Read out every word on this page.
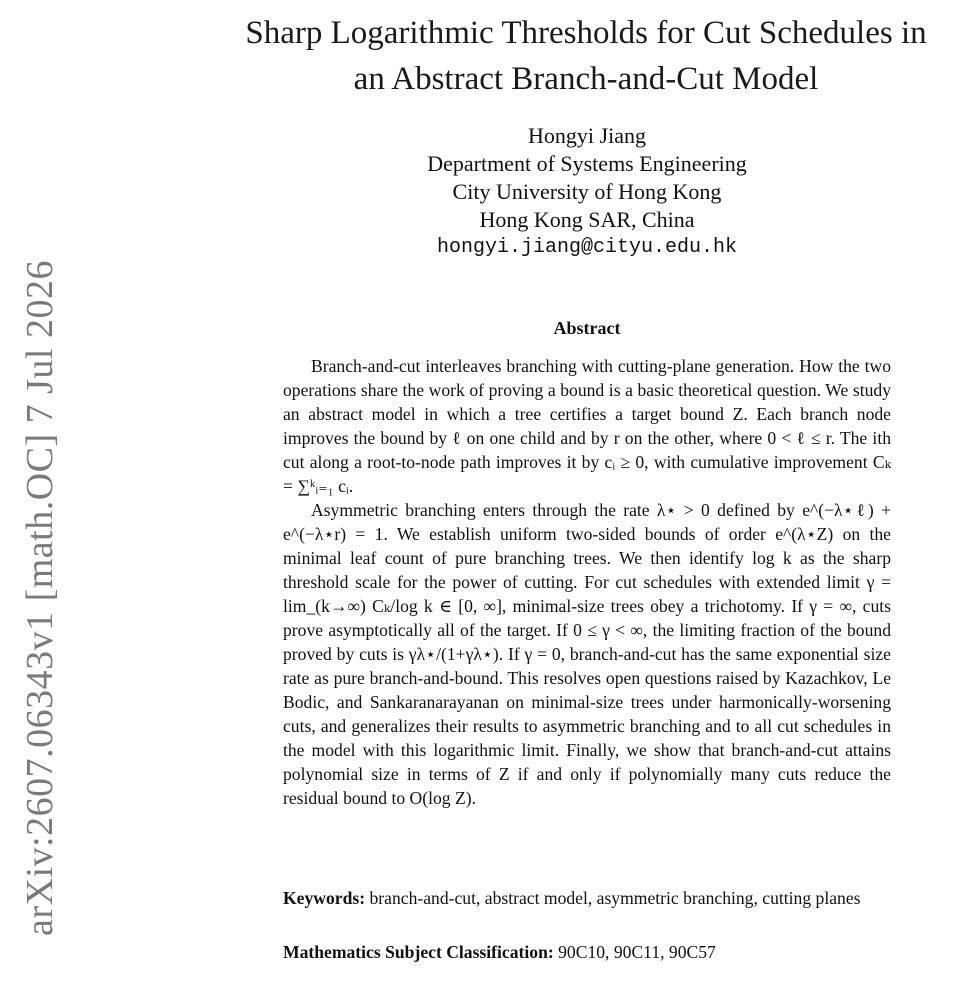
arXiv:2607.06343v1 [math.OC] 7 Jul 2026
Sharp Logarithmic Thresholds for Cut Schedules in
an Abstract Branch-and-Cut Model
Hongyi Jiang
Department of Systems Engineering
City University of Hong Kong
Hong Kong SAR, China
hongyi.jiang@cityu.edu.hk
Abstract

Branch-and-cut interleaves branching with cutting-plane generation. How the two operations share the work of proving a bound is a basic theoretical question. We study an abstract model in which a tree certifies a target bound Z. Each branch node improves the bound by ℓ on one child and by r on the other, where 0 < ℓ ≤ r. The ith cut along a root-to-node path improves it by cᵢ ≥ 0, with cumulative improvement Cₖ = ∑ᵏᵢ₌₁ cᵢ.

Asymmetric branching enters through the rate λ⋆ > 0 defined by e^(−λ⋆ℓ) + e^(−λ⋆r) = 1. We establish uniform two-sided bounds of order e^(λ⋆Z) on the minimal leaf count of pure branching trees. We then identify log k as the sharp threshold scale for the power of cutting. For cut schedules with extended limit γ = lim_(k→∞) Cₖ/log k ∈ [0, ∞], minimal-size trees obey a trichotomy. If γ = ∞, cuts prove asymptotically all of the target. If 0 ≤ γ < ∞, the limiting fraction of the bound proved by cuts is γλ⋆/(1+γλ⋆). If γ = 0, branch-and-cut has the same exponential size rate as pure branch-and-bound. This resolves open questions raised by Kazachkov, Le Bodic, and Sankaranarayanan on minimal-size trees under harmonically-worsening cuts, and generalizes their results to asymmetric branching and to all cut schedules in the model with this logarithmic limit. Finally, we show that branch-and-cut attains polynomial size in terms of Z if and only if polynomially many cuts reduce the residual bound to O(log Z).

Keywords: branch-and-cut, abstract model, asymmetric branching, cutting planes
Mathematics Subject Classification: 90C10, 90C11, 90C57
